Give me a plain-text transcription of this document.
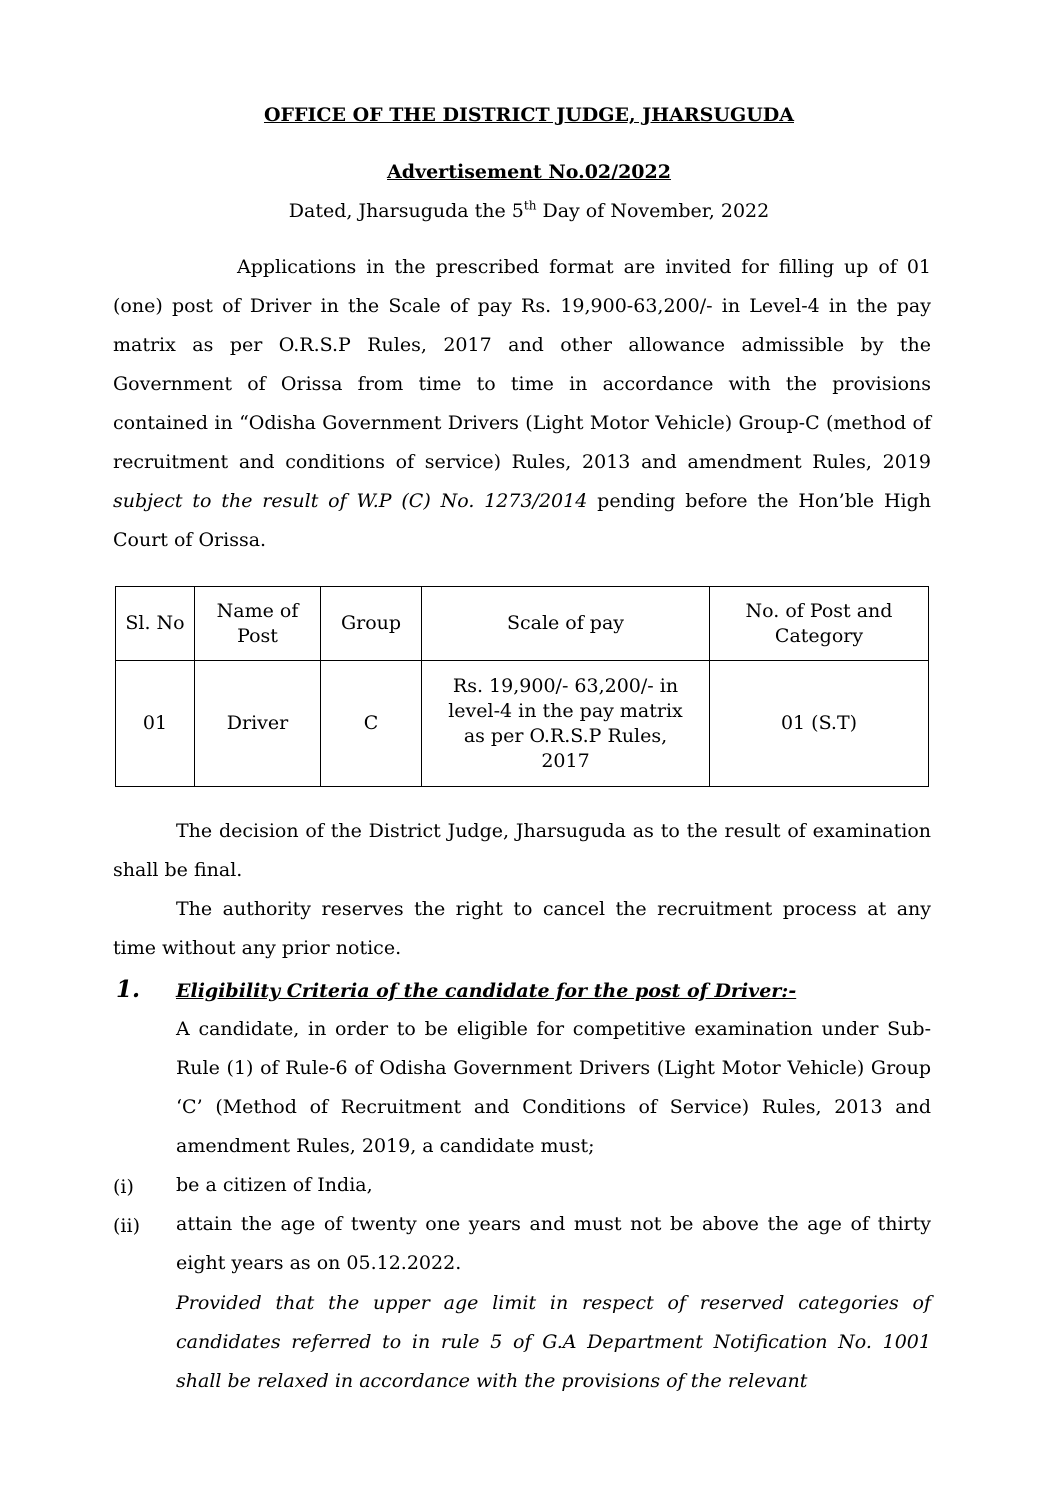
OFFICE OF THE DISTRICT JUDGE, JHARSUGUDA
Advertisement No.02/2022
Dated, Jharsuguda the 5th Day of November, 2022
Applications in the prescribed format are invited for filling up of 01 (one) post of Driver in the Scale of pay Rs. 19,900-63,200/- in Level-4 in the pay matrix as per O.R.S.P Rules, 2017 and other allowance admissible by the Government of Orissa from time to time in accordance with the provisions contained in “Odisha Government Drivers (Light Motor Vehicle) Group-C (method of recruitment and conditions of service) Rules, 2013 and amendment Rules, 2019 subject to the result of W.P (C) No. 1273/2014 pending before the Hon’ble High Court of Orissa.
Sl. No	Name of Post	Group	Scale of pay	No. of Post and Category
01	Driver	C	Rs. 19,900/- 63,200/- in level-4 in the pay matrix as per O.R.S.P Rules, 2017	01 (S.T)
The decision of the District Judge, Jharsuguda as to the result of examination shall be final.
The authority reserves the right to cancel the recruitment process at any time without any prior notice.
1. Eligibility Criteria of the candidate for the post of Driver:-
A candidate, in order to be eligible for competitive examination under Sub-Rule (1) of Rule-6 of Odisha Government Drivers (Light Motor Vehicle) Group ‘C’ (Method of Recruitment and Conditions of Service) Rules, 2013 and amendment Rules, 2019, a candidate must;
(i) be a citizen of India,
(ii) attain the age of twenty one years and must not be above the age of thirty eight years as on 05.12.2022.
Provided that the upper age limit in respect of reserved categories of candidates referred to in rule 5 of G.A Department Notification No. 1001 shall be relaxed in accordance with the provisions of the relevant
